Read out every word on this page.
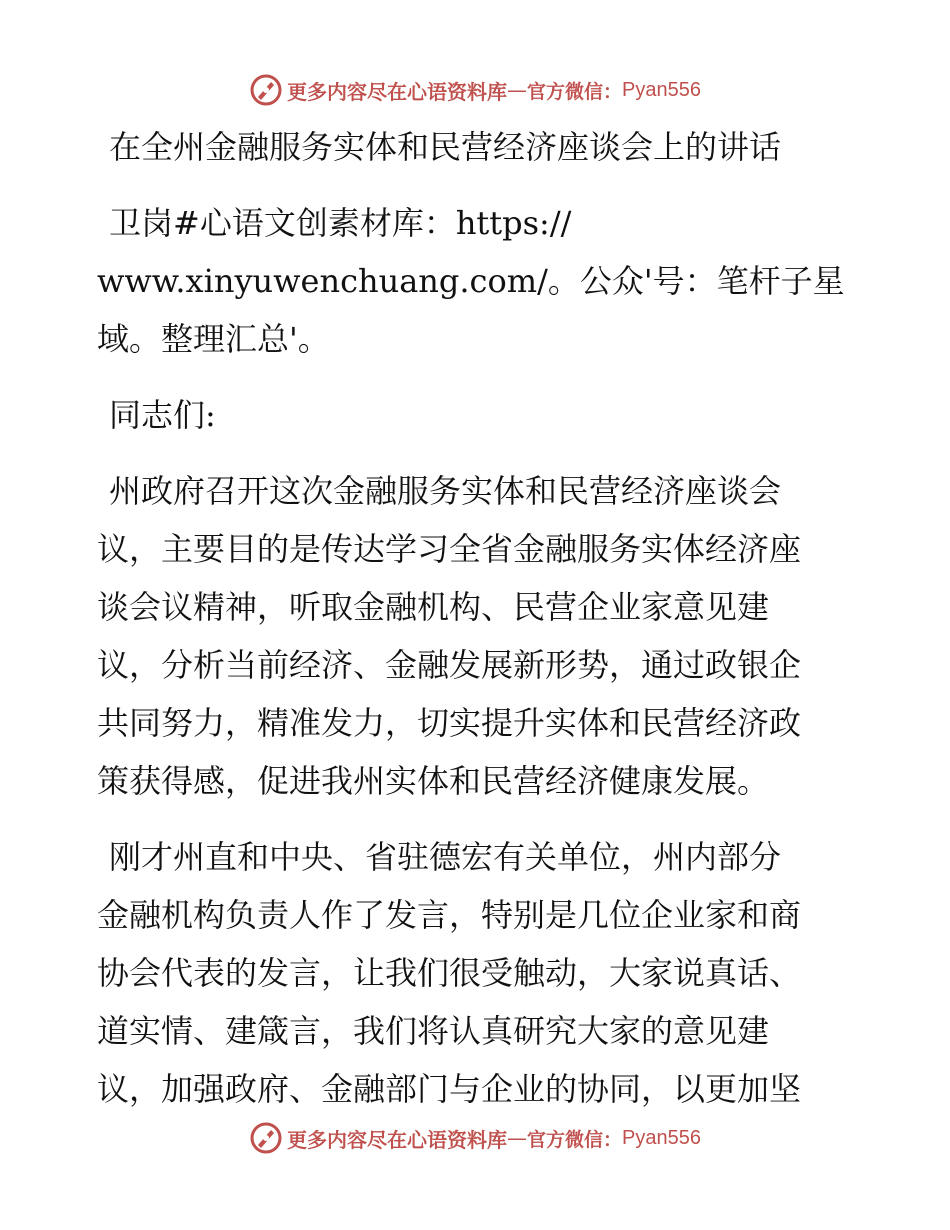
更多内容尽在心语资料库 — 官方微信： Pyan556
在全州金融服务实体和民营经济座谈会上的讲话
卫岗#心语文创素材库：https://
www.xinyuwenchuang.com/。公众'号：笔杆子星
域。整理汇总'。
同志们:
州政府召开这次金融服务实体和民营经济座谈会
议，主要目的是传达学习全省金融服务实体经济座
谈会议精神，听取金融机构、民营企业家意见建
议，分析当前经济、金融发展新形势，通过政银企
共同努力，精准发力，切实提升实体和民营经济政
策获得感，促进我州实体和民营经济健康发展。
刚才州直和中央、省驻德宏有关单位，州内部分
金融机构负责人作了发言，特别是几位企业家和商
协会代表的发言，让我们很受触动，大家说真话、
道实情、建箴言，我们将认真研究大家的意见建
议，加强政府、金融部门与企业的协同，以更加坚
更多内容尽在心语资料库 — 官方微信： Pyan556
